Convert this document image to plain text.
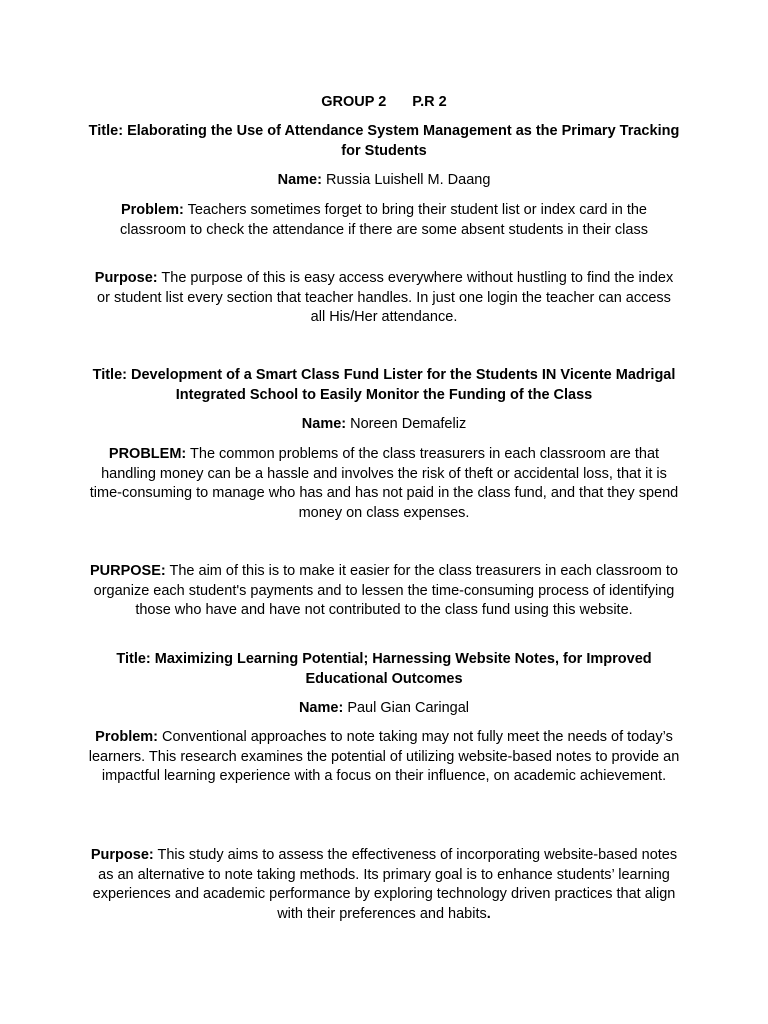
GROUP 2 P.R 2
Title: Elaborating the Use of Attendance System Management as the Primary Tracking for Students
Name: Russia Luishell M. Daang
Problem: Teachers sometimes forget to bring their student list or index card in the classroom to check the attendance if there are some absent students in their class
Purpose: The purpose of this is easy access everywhere without hustling to find the index or student list every section that teacher handles. In just one login the teacher can access all His/Her attendance.
Title: Development of a Smart Class Fund Lister for the Students IN Vicente Madrigal Integrated School to Easily Monitor the Funding of the Class
Name: Noreen Demafeliz
PROBLEM: The common problems of the class treasurers in each classroom are that handling money can be a hassle and involves the risk of theft or accidental loss, that it is time-consuming to manage who has and has not paid in the class fund, and that they spend money on class expenses.
PURPOSE: The aim of this is to make it easier for the class treasurers in each classroom to organize each student's payments and to lessen the time-consuming process of identifying those who have and have not contributed to the class fund using this website.
Title: Maximizing Learning Potential; Harnessing Website Notes, for Improved Educational Outcomes
Name: Paul Gian Caringal
Problem: Conventional approaches to note taking may not fully meet the needs of today’s learners. This research examines the potential of utilizing website-based notes to provide an impactful learning experience with a focus on their influence, on academic achievement.
Purpose: This study aims to assess the effectiveness of incorporating website-based notes as an alternative to note taking methods. Its primary goal is to enhance students’ learning experiences and academic performance by exploring technology driven practices that align with their preferences and habits.
